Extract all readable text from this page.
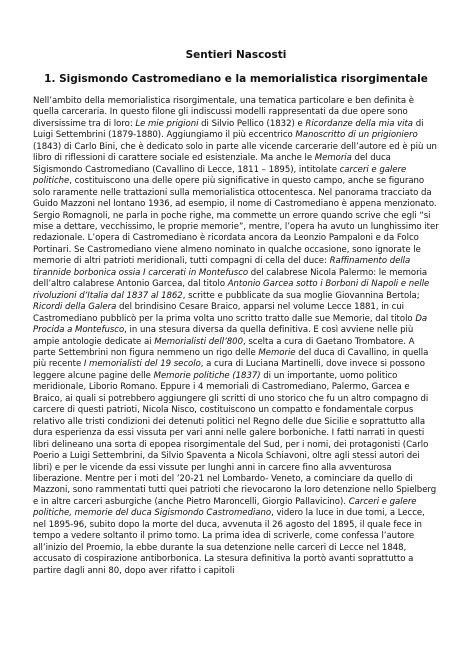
Sentieri Nascosti
1. Sigismondo Castromediano e la memorialistica risorgimentale

Nell’ambito della memorialistica risorgimentale, una tematica particolare e ben definita è quella carceraria. In questo filone gli indiscussi modelli rappresentati da due opere sono diversissime tra di loro: Le mie prigioni di Silvio Pellico (1832) e Ricordanze della mia vita di Luigi Settembrini (1879-1880). Aggiungiamo il più eccentrico Manoscritto di un prigioniero (1843) di Carlo Bini, che è dedicato solo in parte alle vicende carcerarie dell’autore ed è più un libro di riflessioni di carattere sociale ed esistenziale. Ma anche le Memoria del duca Sigismondo Castromediano (Cavallino di Lecce, 1811 – 1895), intitolate carceri e galere politiche, costituiscono una delle opere più significative in questo campo, anche se figurano solo raramente nelle trattazioni sulla memorialistica ottocentesca. Nel panorama tracciato da Guido Mazzoni nel lontano 1936, ad esempio, il nome di Castromediano è appena menzionato. Sergio Romagnoli, ne parla in poche righe, ma commette un errore quando scrive che egli “si mise a dettare, vecchissimo, le proprie memorie”, mentre, l’opera ha avuto un lunghissimo iter redazionale. L’opera di Castromediano è ricordata ancora da Leonzio Pampaloni e da Folco Portinari. Se Castromediano viene almeno nominato in qualche occasione, sono ignorate le memorie di altri patrioti meridionali, tutti compagni di cella del duce: Raffinamento della tirannide borbonica ossia I carcerati in Montefusco del calabrese Nicola Palermo: le memoria dell’altro calabrese Antonio Garcea, dal titolo Antonio Garcea sotto i Borboni di Napoli e nelle rivoluzioni d’Italia dal 1837 al 1862, scritte e pubblicate da sua moglie Giovannina Bertola; Ricordi della Galera del brindisino Cesare Braico, apparsi nel volume Lecce 1881, in cui Castromediano pubblicò per la prima volta uno scritto tratto dalle sue Memorie, dal titolo Da Procida a Montefusco, in una stesura diversa da quella definitiva. E così avviene nelle più ampie antologie dedicate ai Memorialisti dell’800, scelta a cura di Gaetano Trombatore. A parte Settembrini non figura nemmeno un rigo delle Memorie del duca di Cavallino, in quella più recente I memorialisti del 19 secolo, a cura di Luciana Martinelli, dove invece si possono leggere alcune pagine delle Memorie politiche (1837) di un importante, uomo politico meridionale, Liborio Romano. Eppure i 4 memoriali di Castromediano, Palermo, Garcea e Braico, ai quali si potrebbero aggiungere gli scritti di uno storico che fu un altro compagno di carcere di questi patrioti, Nicola Nisco, costituiscono un compatto e fondamentale corpus relativo alle tristi condizioni dei detenuti politici nel Regno delle due Sicilie e soprattutto alla dura esperienza da essi vissuta per vari anni nelle galere borboniche. I fatti narrati in questi libri delineano una sorta di epopea risorgimentale del Sud, per i nomi, dei protagonisti (Carlo Poerio a Luigi Settembrini, da Silvio Spaventa a Nicola Schiavoni, oltre agli stessi autori dei libri) e per le vicende da essi vissute per lunghi anni in carcere fino alla avventurosa liberazione. Mentre per i moti del ’20-21 nel Lombardo- Veneto, a cominciare da quello di Mazzoni, sono rammentati tutti quei patrioti che rievocarono la loro detenzione nello Spielberg e in altre carceri asburgiche (anche Pietro Maroncelli, Giorgio Pallavicino). Carceri e galere politiche, memorie del duca Sigismondo Castromediano, videro la luce in due tomi, a Lecce, nel 1895-96, subito dopo la morte del duca, avvenuta il 26 agosto del 1895, il quale fece in tempo a vedere soltanto il primo tomo. La prima idea di scriverle, come confessa l’autore all’inizio del Proemio, la ebbe durante la sua detenzione nelle carceri di Lecce nel 1848, accusato di cospirazione antiborbonica. La stesura definitiva la portò avanti soprattutto a partire dagli anni 80, dopo aver rifatto i capitoli
